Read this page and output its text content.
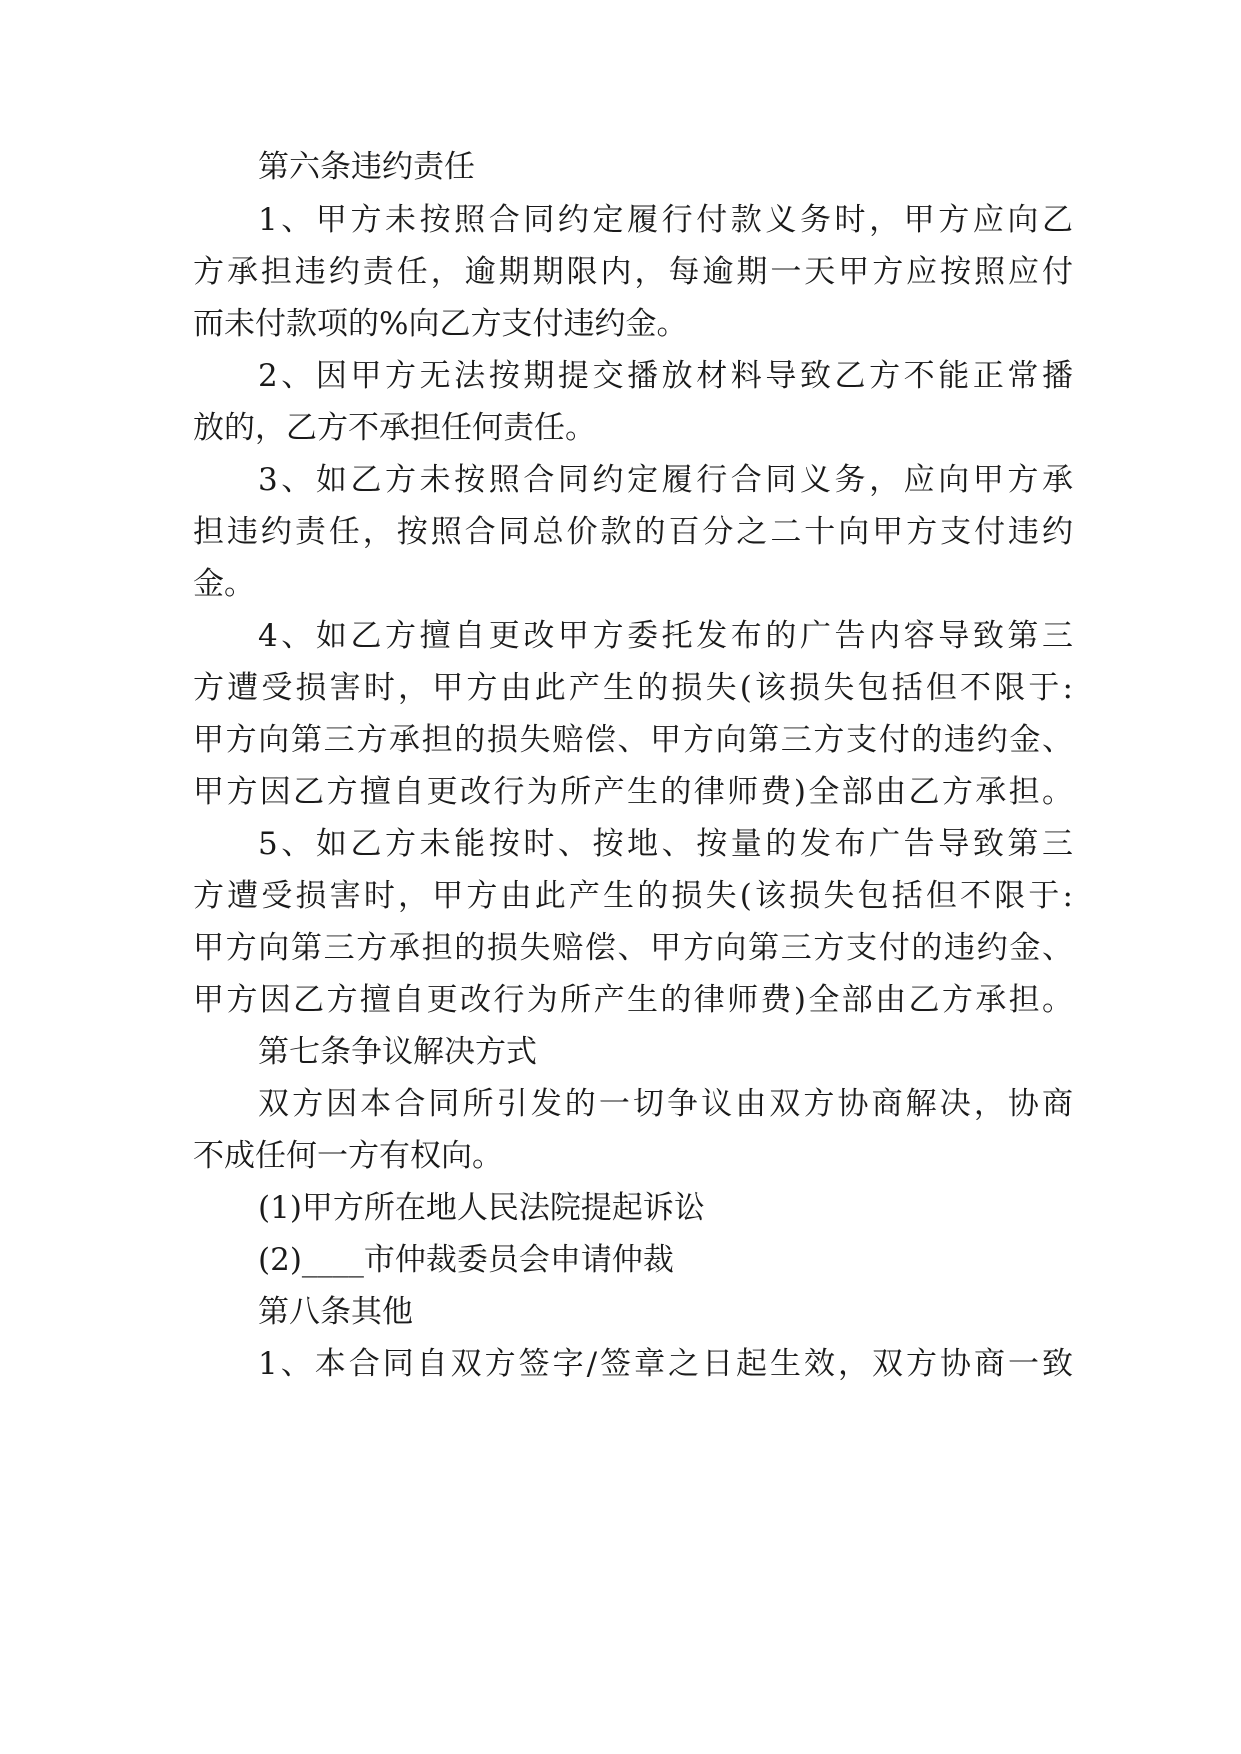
第六条违约责任
1、甲方未按照合同约定履行付款义务时，甲方应向乙
方承担违约责任，逾期期限内，每逾期一天甲方应按照应付
而未付款项的%向乙方支付违约金。
2、因甲方无法按期提交播放材料导致乙方不能正常播
放的，乙方不承担任何责任。
3、如乙方未按照合同约定履行合同义务，应向甲方承
担违约责任，按照合同总价款的百分之二十向甲方支付违约
金。
4、如乙方擅自更改甲方委托发布的广告内容导致第三
方遭受损害时，甲方由此产生的损失(该损失包括但不限于:
甲方向第三方承担的损失赔偿、甲方向第三方支付的违约金、
甲方因乙方擅自更改行为所产生的律师费)全部由乙方承担。
5、如乙方未能按时、按地、按量的发布广告导致第三
方遭受损害时，甲方由此产生的损失(该损失包括但不限于:
甲方向第三方承担的损失赔偿、甲方向第三方支付的违约金、
甲方因乙方擅自更改行为所产生的律师费)全部由乙方承担。
第七条争议解决方式
双方因本合同所引发的一切争议由双方协商解决，协商
不成任何一方有权向。
(1)甲方所在地人民法院提起诉讼
(2)____市仲裁委员会申请仲裁
第八条其他
1、本合同自双方签字/签章之日起生效，双方协商一致
